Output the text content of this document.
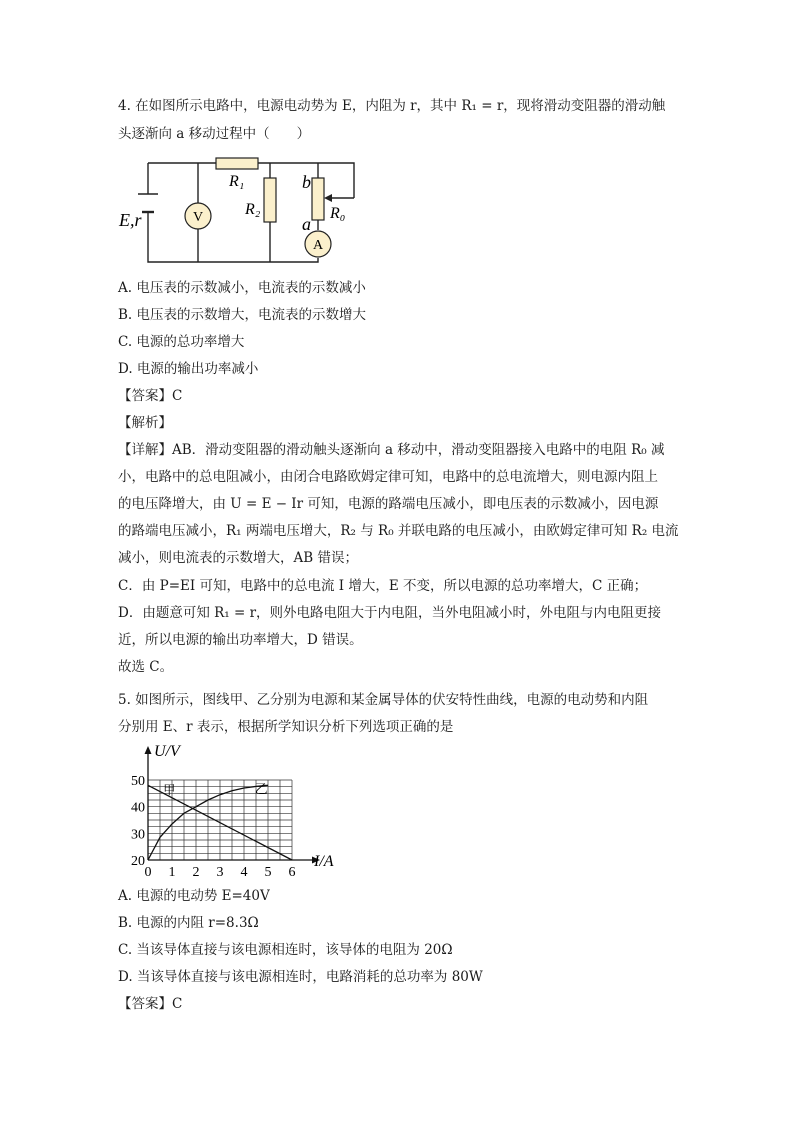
4. 在如图所示电路中，电源电动势为 E，内阻为 r，其中 R₁ = r，现将滑动变阻器的滑动触
头逐渐向 a 移动过程中（　　）
V
A
E,r
R₁
R₂	R₀
b
a
A. 电压表的示数减小，电流表的示数减小
B. 电压表的示数增大，电流表的示数增大
C. 电源的总功率增大
D. 电源的输出功率减小
【答案】C
【解析】
【详解】AB．滑动变阻器的滑动触头逐渐向 a 移动中，滑动变阻器接入电路中的电阻 R₀ 减
小，电路中的总电阻减小，由闭合电路欧姆定律可知，电路中的总电流增大，则电源内阻上
的电压降增大，由 U = E − Ir 可知，电源的路端电压减小，即电压表的示数减小，因电源
的路端电压减小，R₁ 两端电压增大，R₂ 与 R₀ 并联电路的电压减小，由欧姆定律可知 R₂ 电流
减小，则电流表的示数增大，AB 错误；
C．由 P=EI 可知，电路中的总电流 I 增大，E 不变，所以电源的总功率增大，C 正确；
D．由题意可知 R₁ = r，则外电路电阻大于内电阻，当外电阻减小时，外电阻与内电阻更接
近，所以电源的输出功率增大，D 错误。
故选 C。
5. 如图所示，图线甲、乙分别为电源和某金属导体的伏安特性曲线，电源的电动势和内阻
分别用 E、r 表示，根据所学知识分析下列选项正确的是
0 1 2 3 4 5 6
20
30
40
50
U/V
I/A
甲	乙
A. 电源的电动势 E=40V
B. 电源的内阻 r=8.3Ω
C. 当该导体直接与该电源相连时，该导体的电阻为 20Ω
D. 当该导体直接与该电源相连时，电路消耗的总功率为 80W
【答案】C
